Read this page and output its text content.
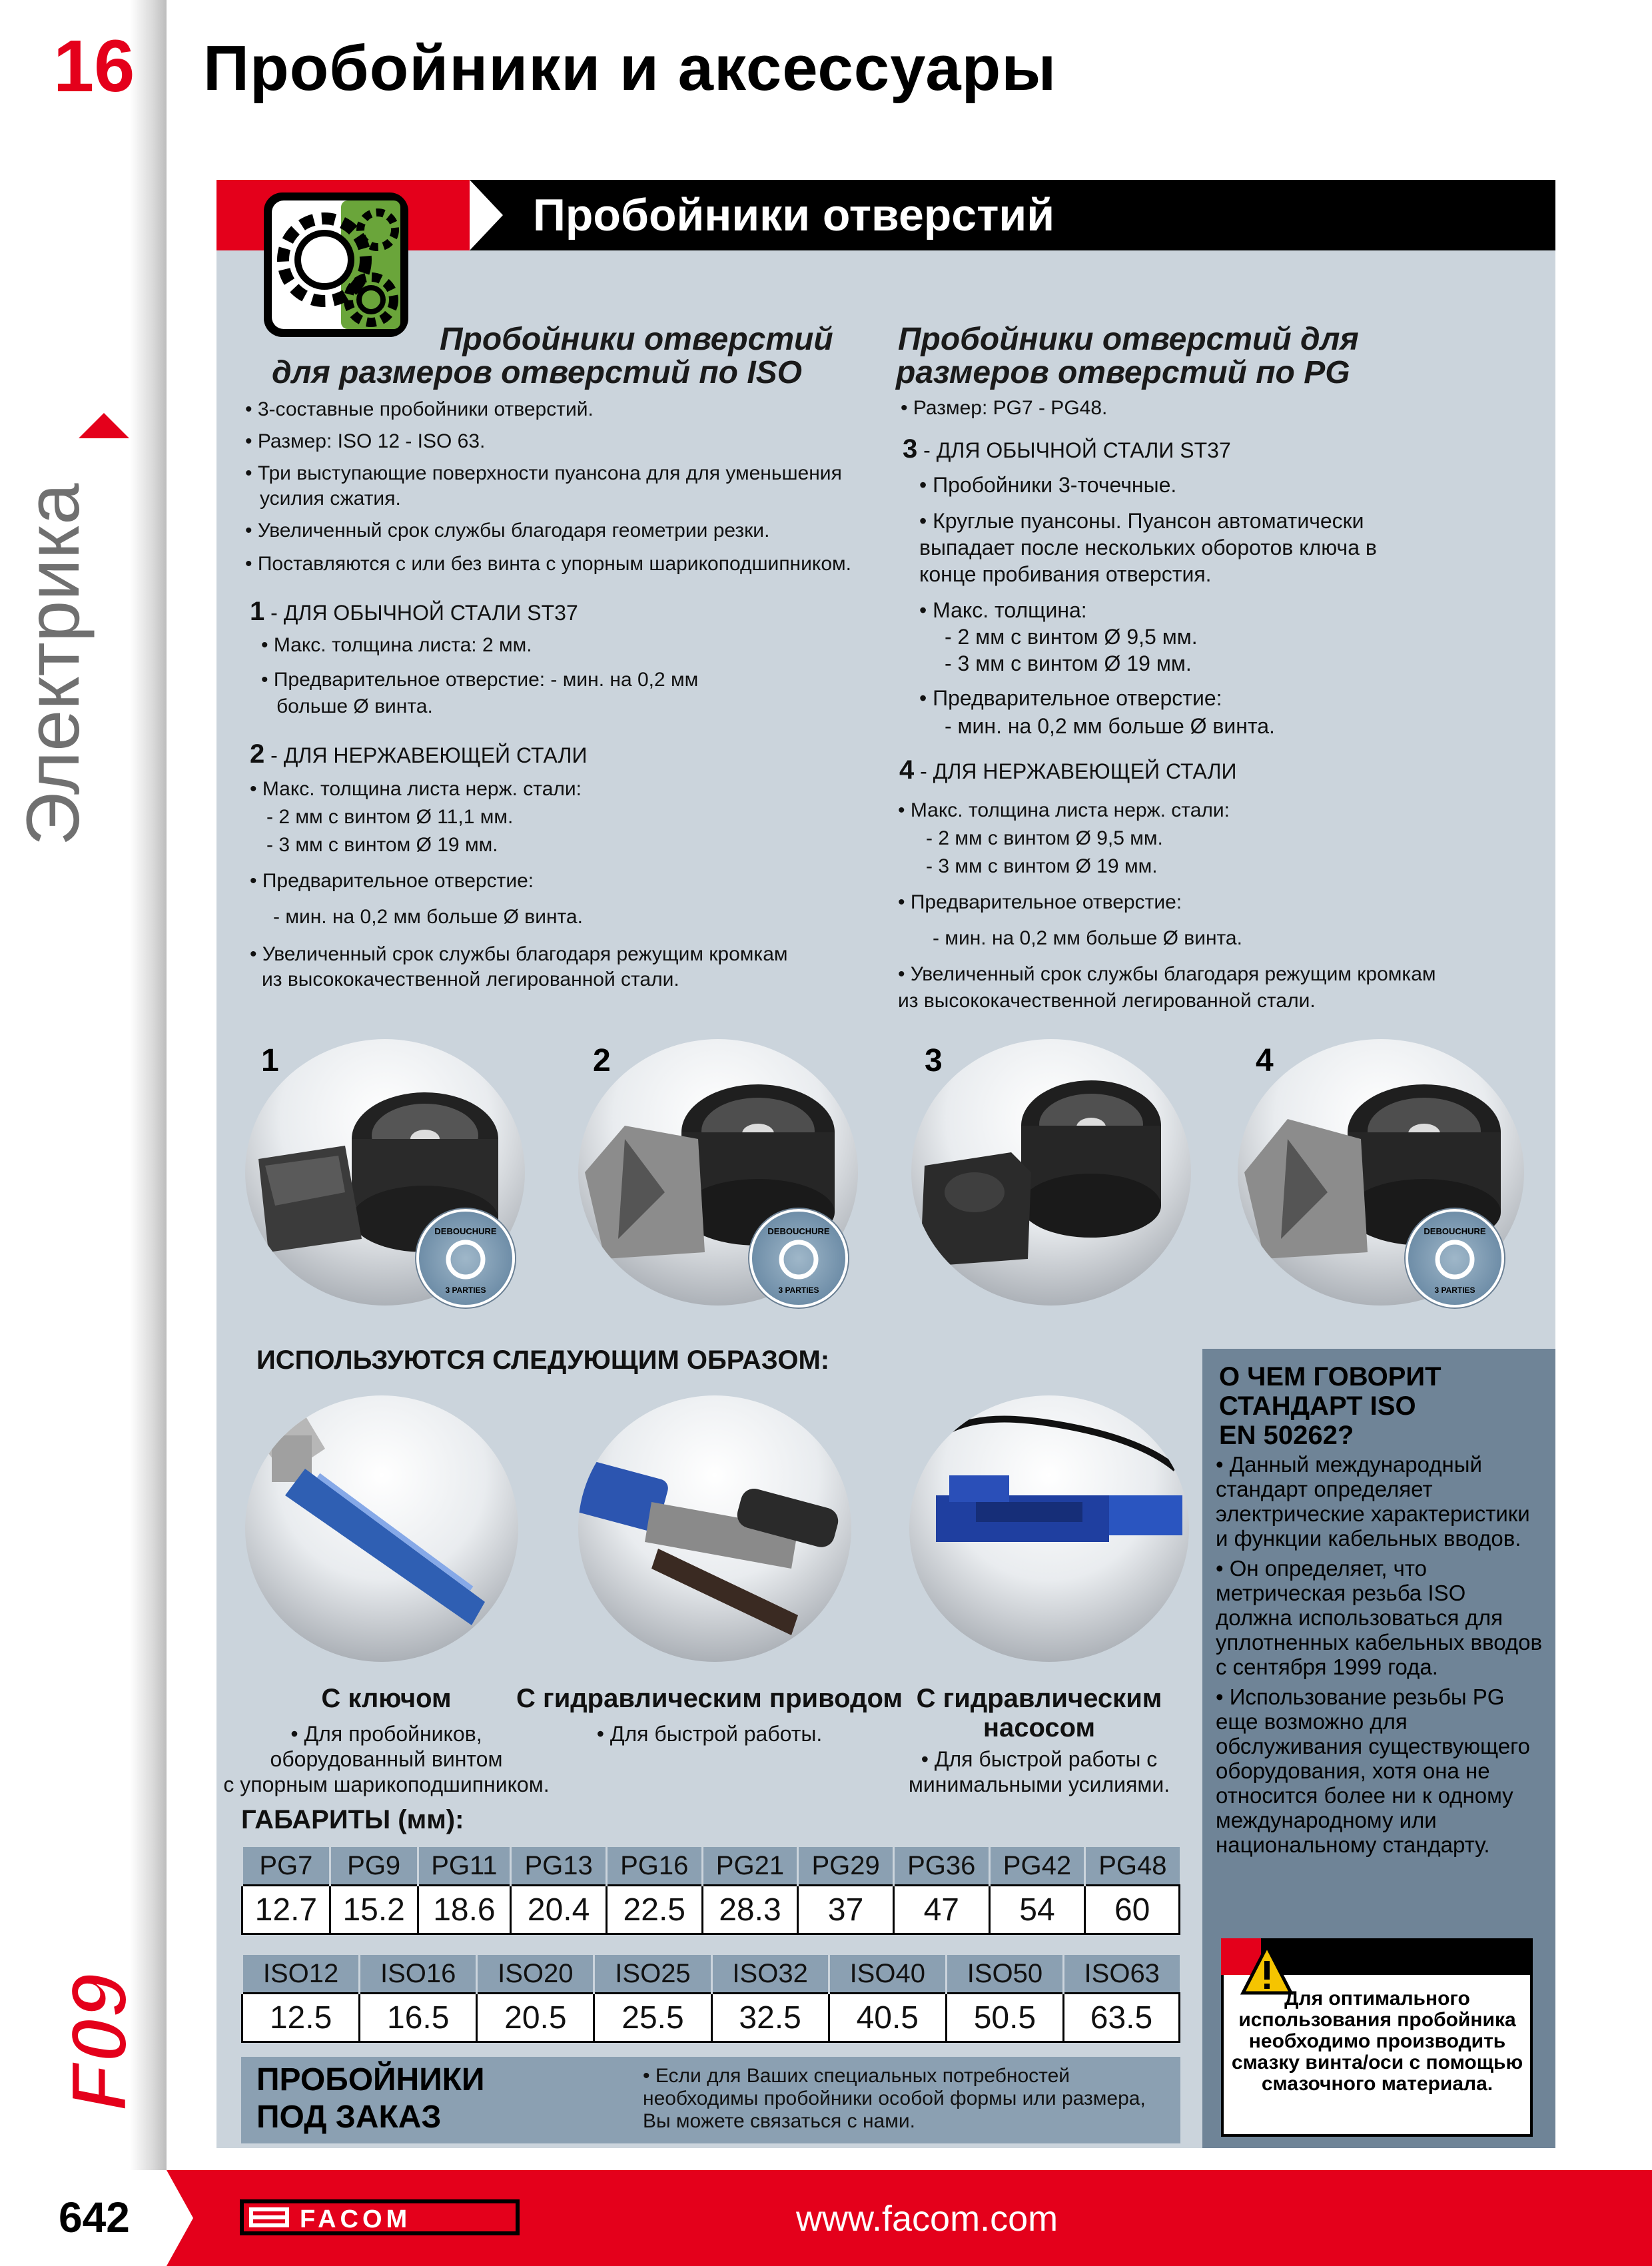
16 Пробойники и аксессуары
Электрика
F09
Пробойники отверстий
Пробойники отверстий
для размеров отверстий по ISO
• 3-составные пробойники отверстий.
• Размер: ISO 12 - ISO 63.
• Три выступающие поверхности пуансона для для уменьшения
усилия сжатия.
• Увеличенный срок службы благодаря геометрии резки.
• Поставляются с или без винта с упорным шарикоподшипником.
1 - ДЛЯ ОБЫЧНОЙ СТАЛИ ST37
• Макс. толщина листа: 2 мм.
• Предварительное отверстие: - мин. на 0,2 мм
больше Ø винта.
2 - ДЛЯ НЕРЖАВЕЮЩЕЙ СТАЛИ
• Макс. толщина листа нерж. стали:
- 2 мм с винтом Ø 11,1 мм.
- 3 мм с винтом Ø 19 мм.
• Предварительное отверстие:
- мин. на 0,2 мм больше Ø винта.
• Увеличенный срок службы благодаря режущим кромкам
из высококачественной легированной стали.
Пробойники отверстий для
размеров отверстий по PG
• Размер: PG7 - PG48.
3 - ДЛЯ ОБЫЧНОЙ СТАЛИ ST37
• Пробойники 3-точечные.
• Круглые пуансоны. Пуансон автоматически
выпадает после нескольких оборотов ключа в
конце пробивания отверстия.
• Макс. толщина:
- 2 мм с винтом Ø 9,5 мм.
- 3 мм с винтом Ø 19 мм.
• Предварительное отверстие:
- мин. на 0,2 мм больше Ø винта.
4 - ДЛЯ НЕРЖАВЕЮЩЕЙ СТАЛИ
• Макс. толщина листа нерж. стали:
- 2 мм с винтом Ø 9,5 мм.
- 3 мм с винтом Ø 19 мм.
• Предварительное отверстие:
- мин. на 0,2 мм больше Ø винта.
• Увеличенный срок службы благодаря режущим кромкам
из высококачественной легированной стали.
1
DEBOUCHURE
3 PARTIES
2
DEBOUCHURE
3 PARTIES
3	4
DEBOUCHURE
3 PARTIES
ИСПОЛЬЗУЮТСЯ СЛЕДУЮЩИМ ОБРАЗОМ:
С ключом
• Для пробойников,
оборудованный винтом
с упорным шарикоподшипником.
С гидравлическим приводом
• Для быстрой работы.
С гидравлическим
насосом
• Для быстрой работы с
минимальными усилиями.
О ЧЕМ ГОВОРИТ
СТАНДАРТ ISO
EN 50262?
• Данный международный стандарт определяет электрические характеристики и функции кабельных вводов.
• Он определяет, что метрическая резьба ISO должна использоваться для уплотненных кабельных вводов с сентября 1999 года.
• Использование резьбы PG еще возможно для обслуживания существующего оборудования, хотя она не относится более ни к одному международному или национальному стандарту.
Для оптимального использования пробойника необходимо производить смазку винта/оси с помощью смазочного материала.
ГАБАРИТЫ (мм):
PG7	PG9	PG11	PG13	PG16	PG21	PG29	PG36	PG42	PG48
12.7	15.2	18.6	20.4	22.5	28.3	37	47	54	60
ISO12	ISO16	ISO20	ISO25	ISO32	ISO40	ISO50	ISO63
12.5	16.5	20.5	25.5	32.5	40.5	50.5	63.5
ПРОБОЙНИКИ
ПОД ЗАКАЗ
• Если для Ваших специальных потребностей необходимы пробойники особой формы или размера, Вы можете связаться с нами.
642	FACOM	www.facom.com
